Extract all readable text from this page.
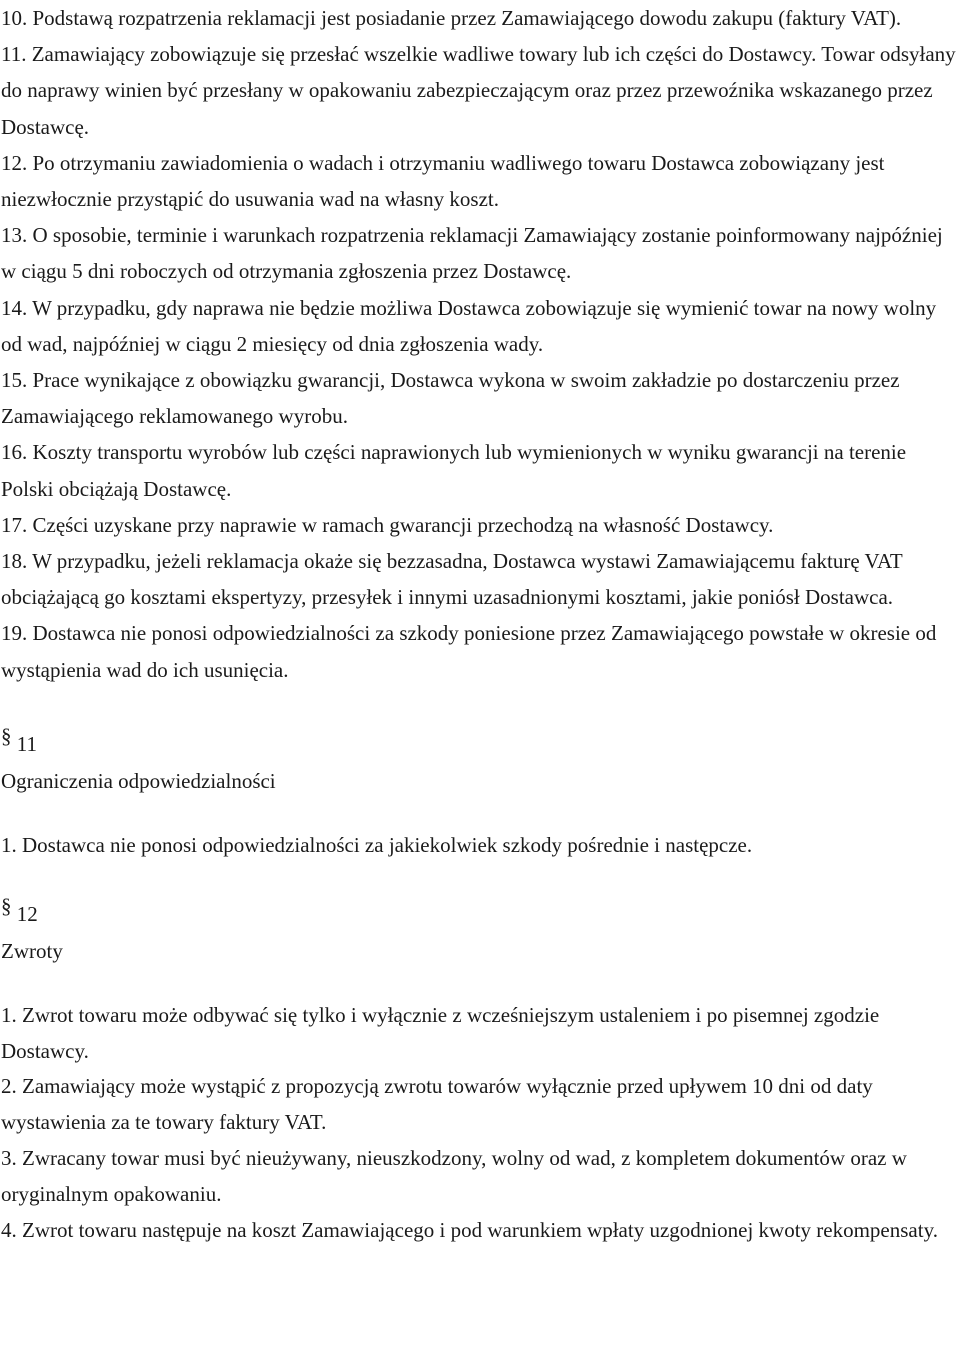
10. Podstawą rozpatrzenia reklamacji jest posiadanie przez Zamawiającego dowodu zakupu (faktury VAT).

11. Zamawiający zobowiązuje się przesłać wszelkie wadliwe towary lub ich części do Dostawcy. Towar odsyłany do naprawy winien być przesłany w opakowaniu zabezpieczającym oraz przez przewoźnika wskazanego przez Dostawcę.

12. Po otrzymaniu zawiadomienia o wadach i otrzymaniu wadliwego towaru Dostawca zobowiązany jest niezwłocznie przystąpić do usuwania wad na własny koszt.

13. O sposobie, terminie i warunkach rozpatrzenia reklamacji Zamawiający zostanie poinformowany najpóźniej w ciągu 5 dni roboczych od otrzymania zgłoszenia przez Dostawcę.

14. W przypadku, gdy naprawa nie będzie możliwa Dostawca zobowiązuje się wymienić towar na nowy wolny od wad, najpóźniej w ciągu 2 miesięcy od dnia zgłoszenia wady.

15. Prace wynikające z obowiązku gwarancji, Dostawca wykona w swoim zakładzie po dostarczeniu przez Zamawiającego reklamowanego wyrobu.

16. Koszty transportu wyrobów lub części naprawionych lub wymienionych w wyniku gwarancji na terenie Polski obciążają Dostawcę.

17. Części uzyskane przy naprawie w ramach gwarancji przechodzą na własność Dostawcy.

18. W przypadku, jeżeli reklamacja okaże się bezzasadna, Dostawca wystawi Zamawiającemu fakturę VAT obciążającą go kosztami ekspertyzy, przesyłek i innymi uzasadnionymi kosztami, jakie poniósł Dostawca.

19. Dostawca nie ponosi odpowiedzialności za szkody poniesione przez Zamawiającego powstałe w okresie od wystąpienia wad do ich usunięcia.

§ 11
Ograniczenia odpowiedzialności

1. Dostawca nie ponosi odpowiedzialności za jakiekolwiek szkody pośrednie i następcze.

§ 12
Zwroty

1. Zwrot towaru może odbywać się tylko i wyłącznie z wcześniejszym ustaleniem i po pisemnej zgodzie Dostawcy.

2. Zamawiający może wystąpić z propozycją zwrotu towarów wyłącznie przed upływem 10 dni od daty wystawienia za te towary faktury VAT.

3. Zwracany towar musi być nieużywany, nieuszkodzony, wolny od wad, z kompletem dokumentów oraz w oryginalnym opakowaniu.

4. Zwrot towaru następuje na koszt Zamawiającego i pod warunkiem wpłaty uzgodnionej kwoty rekompensaty.
